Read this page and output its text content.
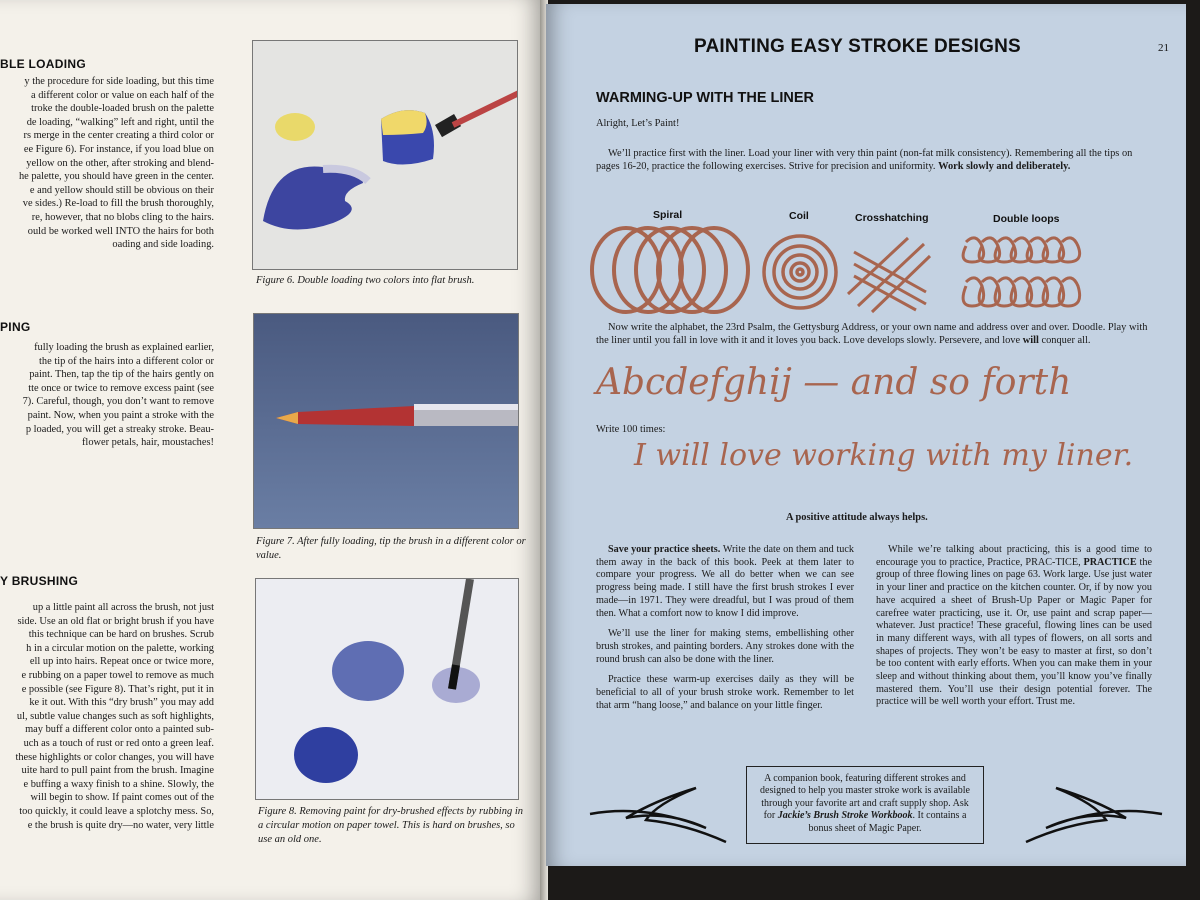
BLE LOADING
y the procedure for side loading, but this time
a different color or value on each half of the
troke the double-loaded brush on the palette
de loading, “walking” left and right, until the
rs merge in the center creating a third color or
ee Figure 6). For instance, if you load blue on
yellow on the other, after stroking and blend-
he palette, you should have green in the center.
e and yellow should still be obvious on their
ve sides.) Re-load to fill the brush thoroughly,
re, however, that no blobs cling to the hairs.
ould be worked well INTO the hairs for both
oading and side loading.
Figure 6. Double loading two colors into flat brush.
PING
fully loading the brush as explained earlier,
the tip of the hairs into a different color or
paint. Then, tap the tip of the hairs gently on
tte once or twice to remove excess paint (see
7). Careful, though, you don’t want to remove
paint. Now, when you paint a stroke with the
p loaded, you will get a streaky stroke. Beau-
flower petals, hair, moustaches!
Figure 7. After fully loading, tip the brush in a different color or value.
Y BRUSHING
up a little paint all across the brush, not just
side. Use an old flat or bright brush if you have
this technique can be hard on brushes. Scrub
h in a circular motion on the palette, working
ell up into hairs. Repeat once or twice more,
e rubbing on a paper towel to remove as much
e possible (see Figure 8). That’s right, put it in
ke it out. With this “dry brush” you may add
ul, subtle value changes such as soft highlights,
may buff a different color onto a painted sub-
uch as a touch of rust or red onto a green leaf.
these highlights or color changes, you will have
uite hard to pull paint from the brush. Imagine
e buffing a waxy finish to a shine. Slowly, the
will begin to show. If paint comes out of the
too quickly, it could leave a splotchy mess. So,
e the brush is quite dry—no water, very little
Figure 8. Removing paint for dry-brushed effects by rubbing in a circular motion on paper towel. This is hard on brushes, so use an old one.
PAINTING EASY STROKE DESIGNS	21
WARMING-UP WITH THE LINER
Alright, Let’s Paint!
We’ll practice first with the liner. Load your liner with very thin paint (non-fat milk consistency). Remembering all the tips on pages 16-20, practice the following exercises. Strive for precision and uniformity. Work slowly and deliberately.
Spiral	Coil	Crosshatching	Double loops
Now write the alphabet, the 23rd Psalm, the Gettysburg Address, or your own name and address over and over. Doodle. Play with the liner until you fall in love with it and it loves you back. Love develops slowly. Persevere, and love will conquer all.
Abcdefghij — and so forth
Write 100 times:
I will love working with my liner.
A positive attitude always helps.

Save your practice sheets. Write the date on them and tuck them away in the back of this book. Peek at them later to compare your progress. We all do better when we can see progress being made. I still have the first brush strokes I ever made—in 1971. They were dreadful, but I was proud of them then. What a comfort now to know I did improve.

We’ll use the liner for making stems, embellishing other brush strokes, and painting borders. Any strokes done with the round brush can also be done with the liner.

Practice these warm-up exercises daily as they will be beneficial to all of your brush stroke work. Remember to let that arm “hang loose,” and balance on your little finger.

While we’re talking about practicing, this is a good time to encourage you to practice, Practice, PRAC-TICE, PRACTICE the group of three flowing lines on page 63. Work large. Use just water in your liner and practice on the kitchen counter. Or, if by now you have acquired a sheet of Brush-Up Paper or Magic Paper for carefree water practicing, use it. Or, use paint and scrap paper—whatever. Just practice! These graceful, flowing lines can be used in many different ways, with all types of flowers, on all sorts and shapes of projects. They won’t be easy to master at first, so don’t be too content with early efforts. When you can make them in your sleep and without thinking about them, you’ll know you’ve finally mastered them. You’ll use their design potential forever. The practice will be well worth your effort. Trust me.

A companion book, featuring different strokes and designed to help you master stroke work is available through your favorite art and craft supply shop. Ask for Jackie’s Brush Stroke Workbook. It contains a bonus sheet of Magic Paper.
